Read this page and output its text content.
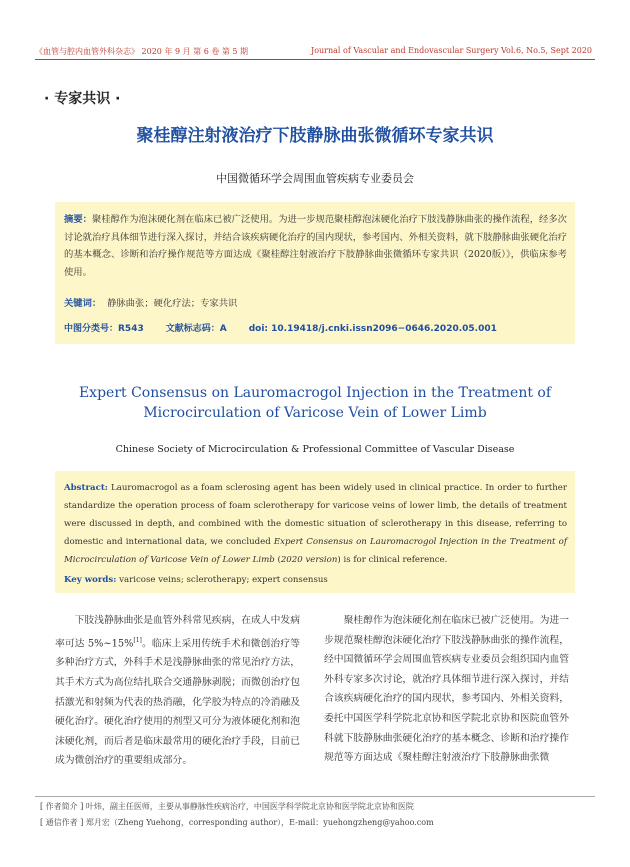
《血管与腔内血管外科杂志》 2020 年 9 月 第 6 卷 第 5 期	Journal of Vascular and Endovascular Surgery Vol.6, No.5, Sept 2020
· 专家共识 ·
聚桂醇注射液治疗下肢静脉曲张微循环专家共识
中国微循环学会周围血管疾病专业委员会
摘要：聚桂醇作为泡沫硬化剂在临床已被广泛使用。为进一步规范聚桂醇泡沫硬化治疗下肢浅静脉曲张的操作流程，经多次讨论就治疗具体细节进行深入探讨，并结合该疾病硬化治疗的国内现状，参考国内、外相关资料，就下肢静脉曲张硬化治疗的基本概念、诊断和治疗操作规范等方面达成《聚桂醇注射液治疗下肢静脉曲张微循环专家共识（2020版）》，供临床参考使用。
关键词： 静脉曲张；硬化疗法；专家共识
中图分类号：R543 文献标志码：A doi: 10.19418/j.cnki.issn2096−0646.2020.05.001
Expert Consensus on Lauromacrogol Injection in the Treatment of Microcirculation of Varicose Vein of Lower Limb
Chinese Society of Microcirculation & Professional Committee of Vascular Disease
Abstract: Lauromacrogol as a foam sclerosing agent has been widely used in clinical practice. In order to further standardize the operation process of foam sclerotherapy for varicose veins of lower limb, the details of treatment were discussed in depth, and combined with the domestic situation of sclerotherapy in this disease, referring to domestic and international data, we concluded Expert Consensus on Lauromacrogol Injection in the Treatment of Microcirculation of Varicose Vein of Lower Limb (2020 version) is for clinical reference.
Key words: varicose veins; sclerotherapy; expert consensus
下肢浅静脉曲张是血管外科常见疾病，在成人中发病率可达 5%~15%[1]。临床上采用传统手术和微创治疗等多种治疗方式，外科手术是浅静脉曲张的常见治疗方法，其手术方式为高位结扎联合交通静脉剥脱；而微创治疗包括激光和射频为代表的热消融，化学胶为特点的冷消融及硬化治疗。硬化治疗使用的剂型又可分为液体硬化剂和泡沫硬化剂，而后者是临床最常用的硬化治疗手段，目前已成为微创治疗的重要组成部分。
聚桂醇作为泡沫硬化剂在临床已被广泛使用。为进一步规范聚桂醇泡沫硬化治疗下肢浅静脉曲张的操作流程，经中国微循环学会周围血管疾病专业委员会组织国内血管外科专家多次讨论，就治疗具体细节进行深入探讨，并结合该疾病硬化治疗的国内现状，参考国内、外相关资料，委托中国医学科学院北京协和医学院北京协和医院血管外科就下肢静脉曲张硬化治疗的基本概念、诊断和治疗操作规范等方面达成《聚桂醇注射液治疗下肢静脉曲张微
[ 作者简介 ] 叶炜，副主任医师，主要从事静脉性疾病治疗，中国医学科学院北京协和医学院北京协和医院
[ 通信作者 ] 郑月宏（Zheng Yuehong，corresponding author），E-mail：yuehongzheng@yahoo.com
